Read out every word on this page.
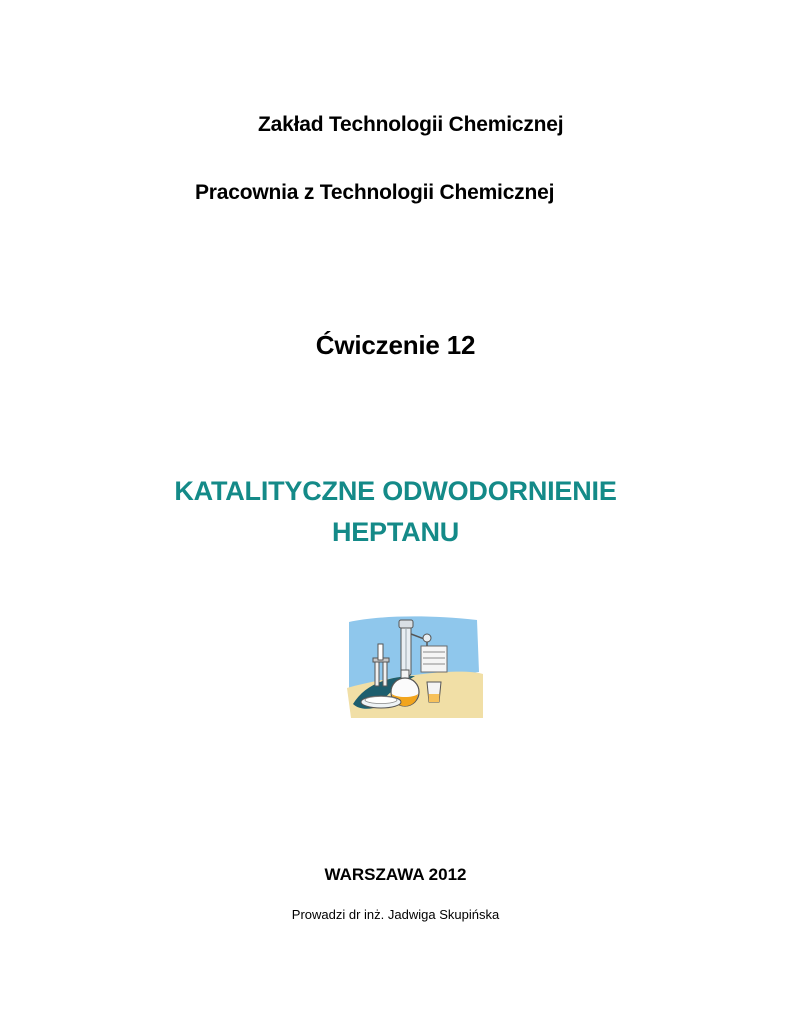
Zakład Technologii Chemicznej

Pracownia z Technologii Chemicznej

Ćwiczenie 12

KATALITYCZNE ODWODORNIENIE

HEPTANU

WARSZAWA 2012

Prowadzi dr inż. Jadwiga Skupińska
